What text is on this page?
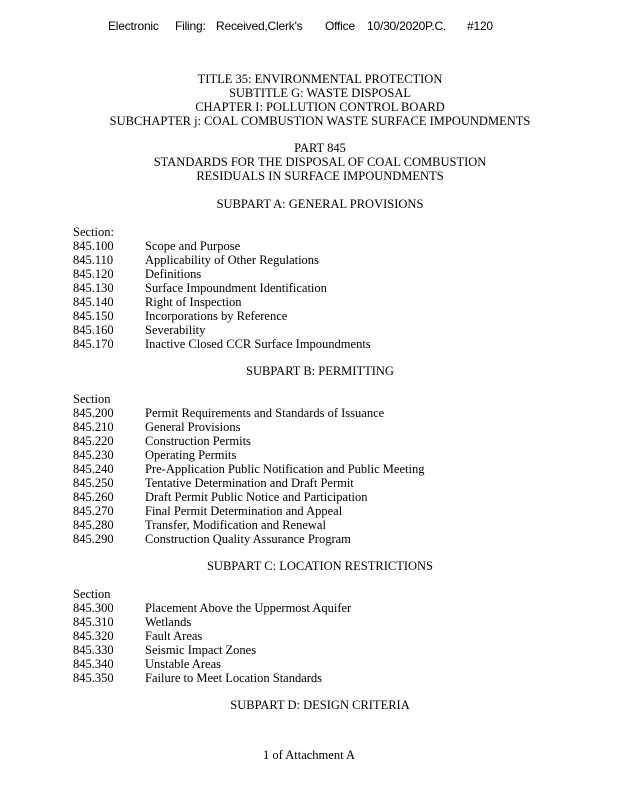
Electronic Filing: Received,Clerk's Office 10/30/2020P.C. #120
TITLE 35: ENVIRONMENTAL PROTECTION
SUBTITLE G: WASTE DISPOSAL
CHAPTER I: POLLUTION CONTROL BOARD
SUBCHAPTER j: COAL COMBUSTION WASTE SURFACE IMPOUNDMENTS
PART 845
STANDARDS FOR THE DISPOSAL OF COAL COMBUSTION
RESIDUALS IN SURFACE IMPOUNDMENTS
SUBPART A: GENERAL PROVISIONS
Section:
845.100	Scope and Purpose
845.110	Applicability of Other Regulations
845.120	Definitions
845.130	Surface Impoundment Identification
845.140	Right of Inspection
845.150	Incorporations by Reference
845.160	Severability
845.170	Inactive Closed CCR Surface Impoundments
SUBPART B: PERMITTING
Section
845.200	Permit Requirements and Standards of Issuance
845.210	General Provisions
845.220	Construction Permits
845.230	Operating Permits
845.240	Pre-Application Public Notification and Public Meeting
845.250	Tentative Determination and Draft Permit
845.260	Draft Permit Public Notice and Participation
845.270	Final Permit Determination and Appeal
845.280	Transfer, Modification and Renewal
845.290	Construction Quality Assurance Program
SUBPART C: LOCATION RESTRICTIONS
Section
845.300	Placement Above the Uppermost Aquifer
845.310	Wetlands
845.320	Fault Areas
845.330	Seismic Impact Zones
845.340	Unstable Areas
845.350	Failure to Meet Location Standards
SUBPART D: DESIGN CRITERIA
1 of Attachment A
